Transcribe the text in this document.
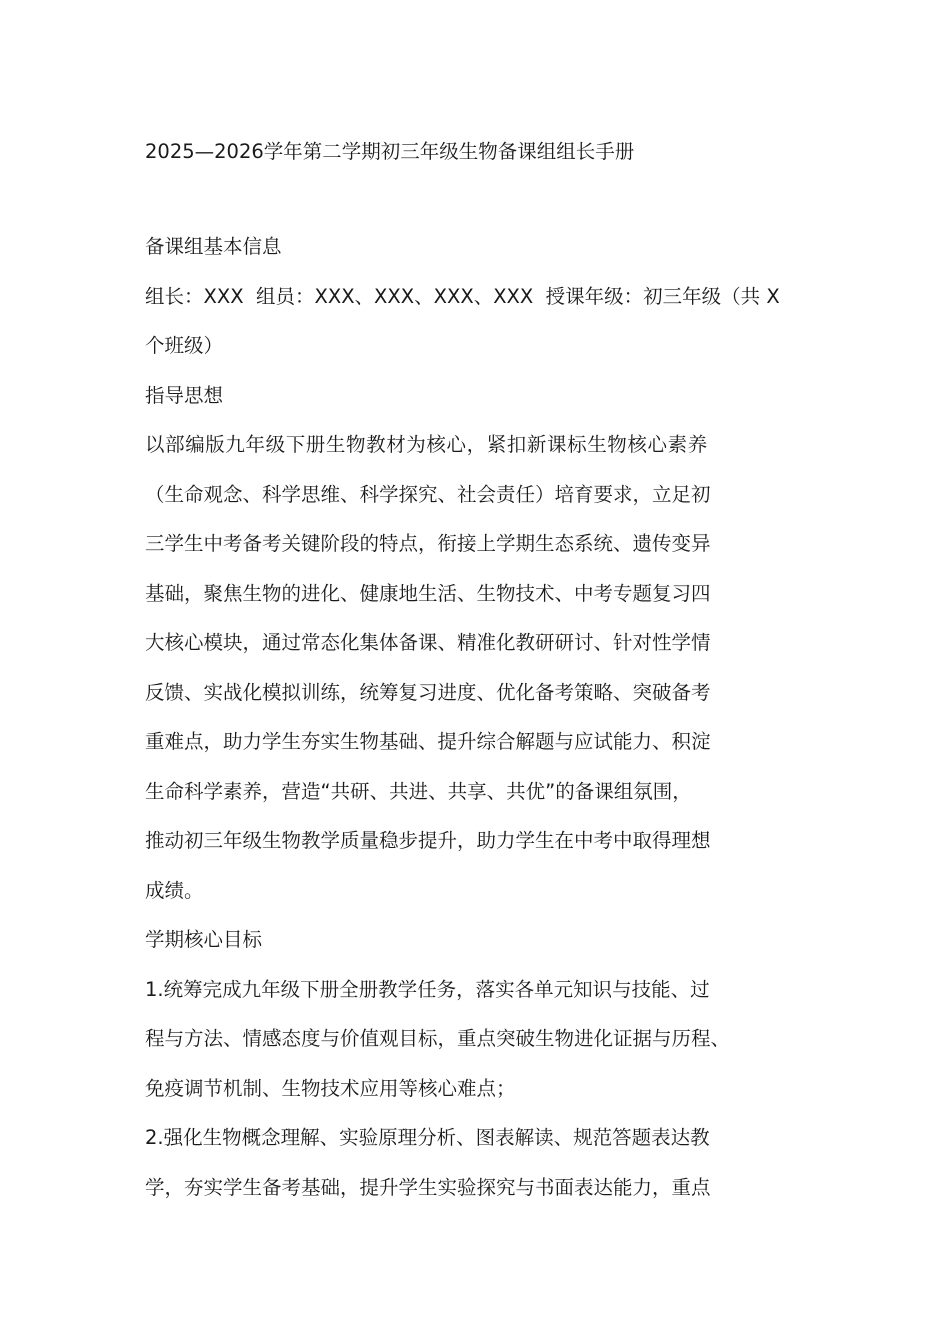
2025—2026学年第二学期初三年级生物备课组组长手册

备课组基本信息

组长：XXX  组员：XXX、XXX、XXX、XXX  授课年级：初三年级（共 X

个班级）

指导思想

以部编版九年级下册生物教材为核心，紧扣新课标生物核心素养

（生命观念、科学思维、科学探究、社会责任）培育要求，立足初

三学生中考备考关键阶段的特点，衔接上学期生态系统、遗传变异

基础，聚焦生物的进化、健康地生活、生物技术、中考专题复习四

大核心模块，通过常态化集体备课、精准化教研研讨、针对性学情

反馈、实战化模拟训练，统筹复习进度、优化备考策略、突破备考

重难点，助力学生夯实生物基础、提升综合解题与应试能力、积淀

生命科学素养，营造“共研、共进、共享、共优”的备课组氛围，

推动初三年级生物教学质量稳步提升，助力学生在中考中取得理想

成绩。

学期核心目标

1.统筹完成九年级下册全册教学任务，落实各单元知识与技能、过

程与方法、情感态度与价值观目标，重点突破生物进化证据与历程、

免疫调节机制、生物技术应用等核心难点；

2.强化生物概念理解、实验原理分析、图表解读、规范答题表达教

学，夯实学生备考基础，提升学生实验探究与书面表达能力，重点
